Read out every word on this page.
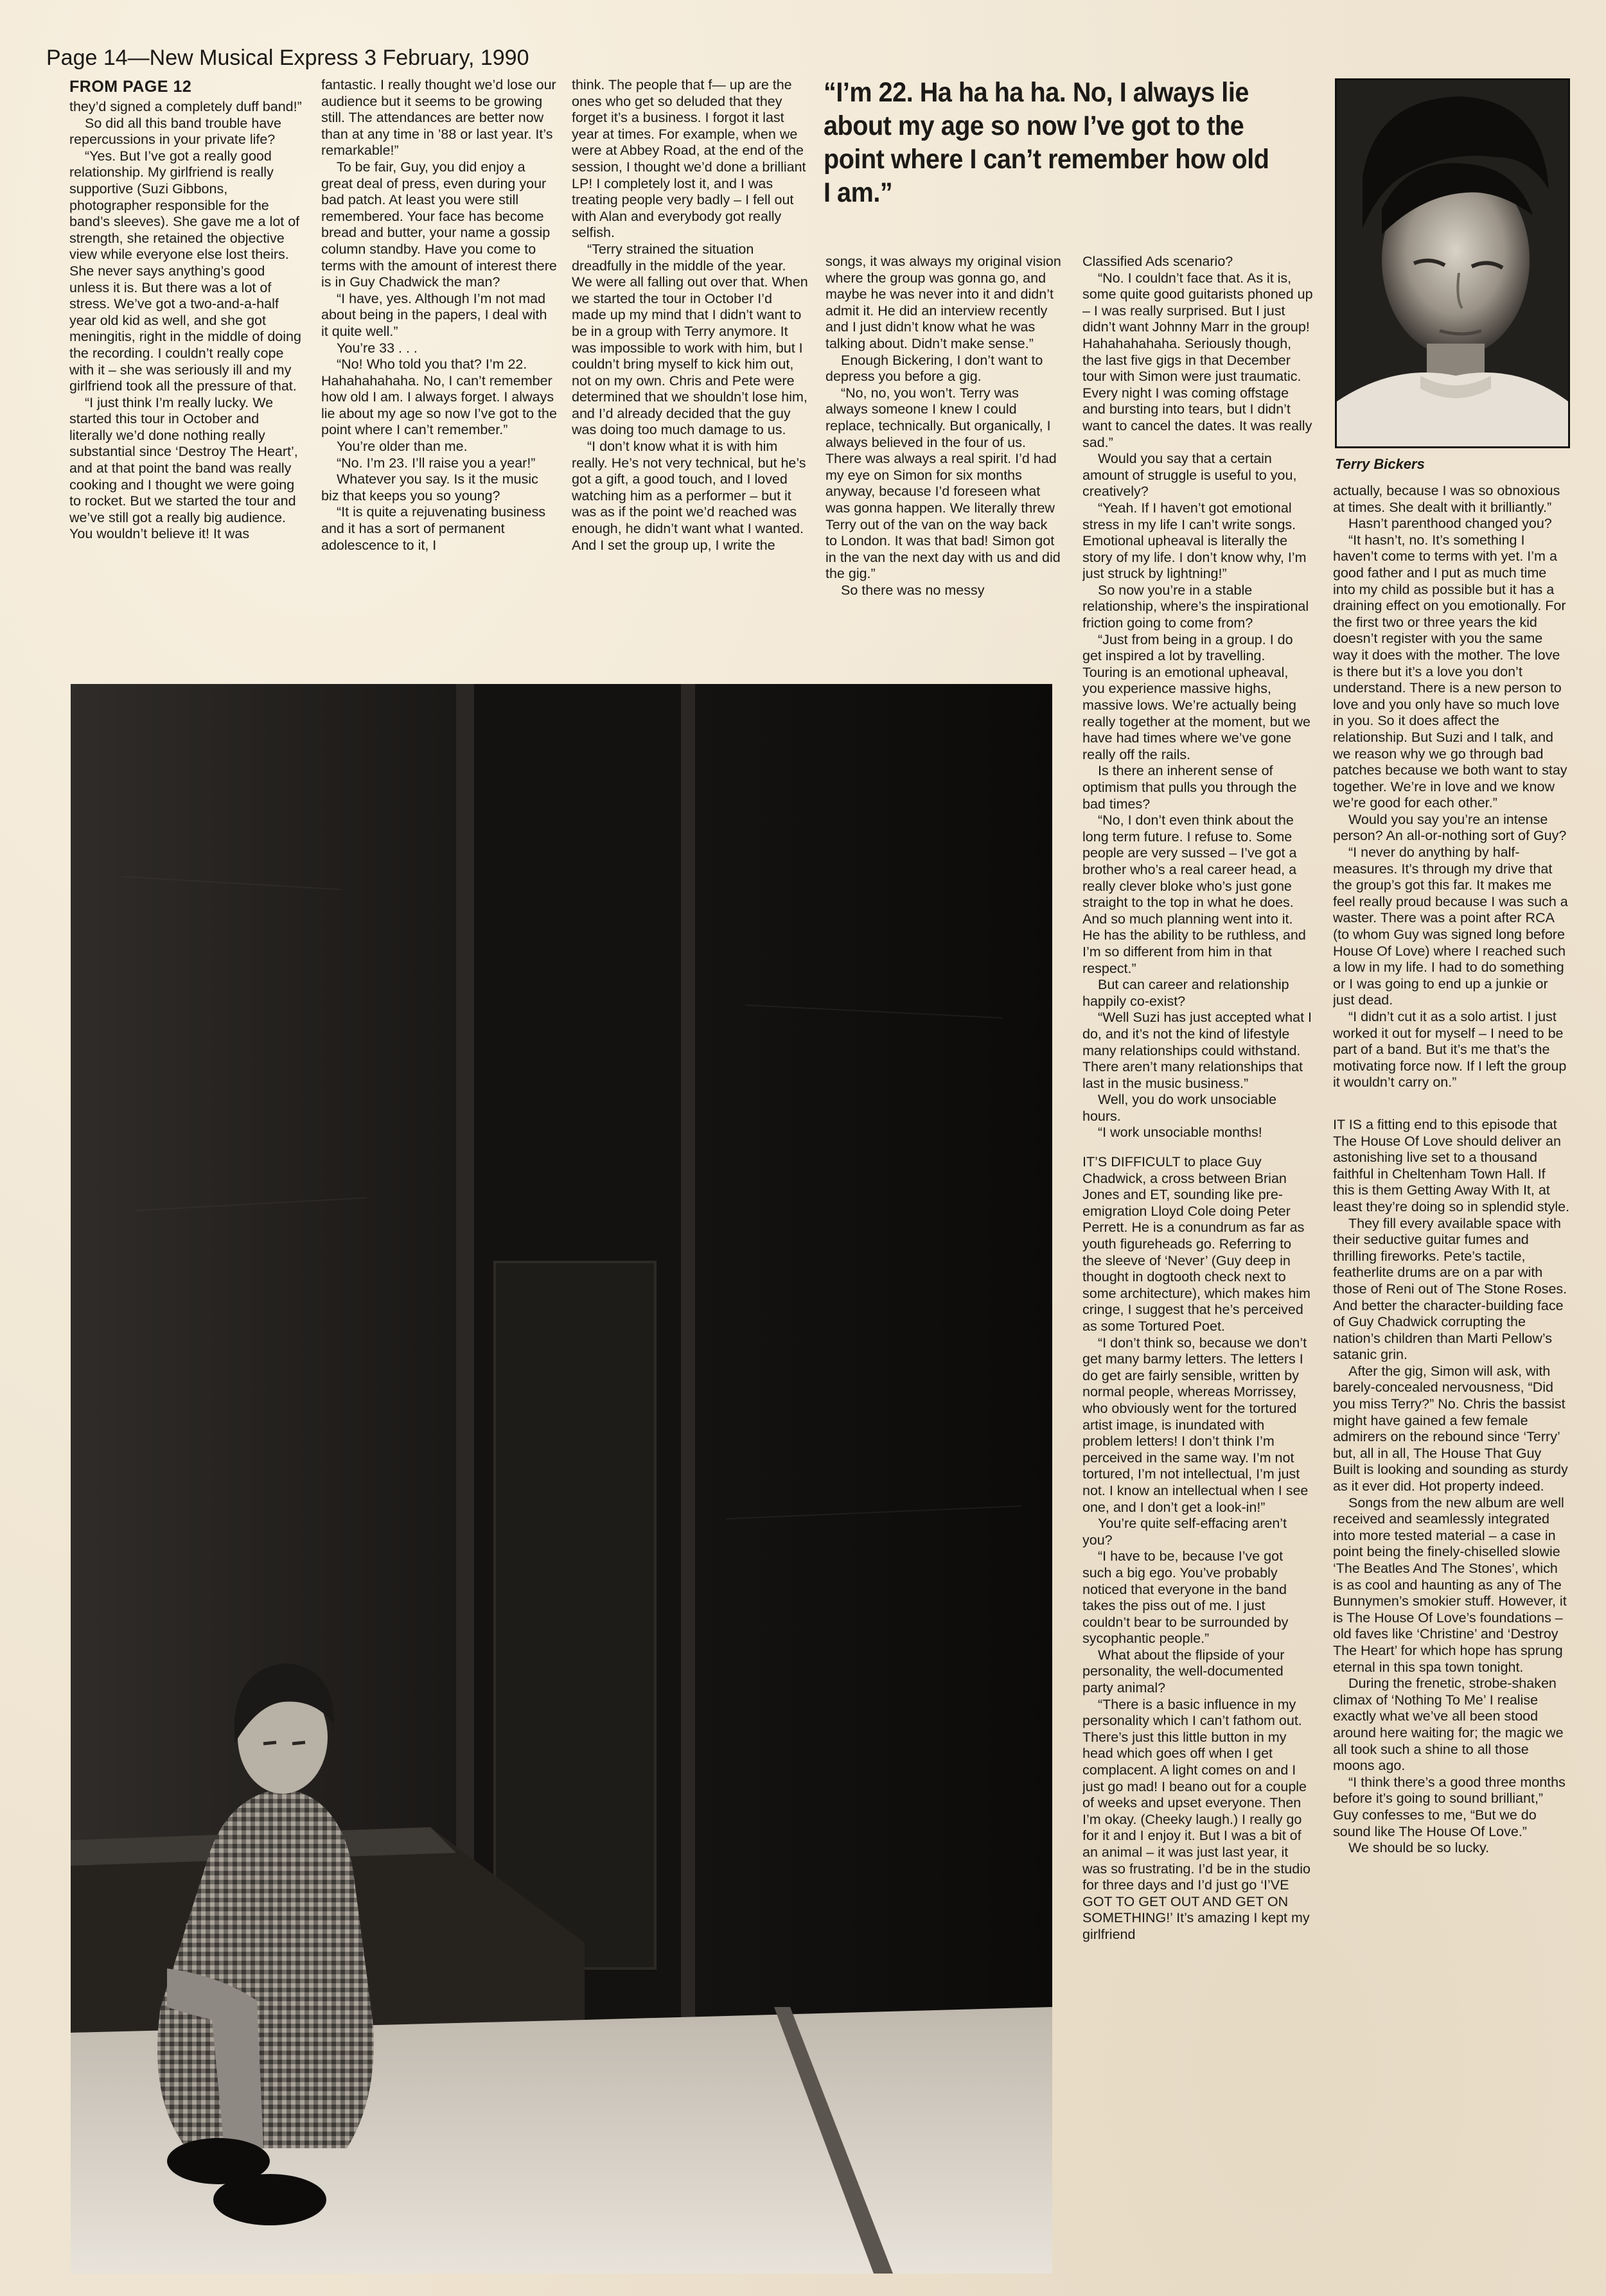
Page 14—New Musical Express 3 February, 1990
FROM PAGE 12

they’d signed a completely duff band!”

So did all this band trouble have repercussions in your private life?

“Yes. But I’ve got a really good relationship. My girlfriend is really supportive (Suzi Gibbons, photographer responsible for the band’s sleeves). She gave me a lot of strength, she retained the objective view while everyone else lost theirs. She never says anything’s good unless it is. But there was a lot of stress. We’ve got a two-and-a-half year old kid as well, and she got meningitis, right in the middle of doing the recording. I couldn’t really cope with it – she was seriously ill and my girlfriend took all the pressure of that.

“I just think I’m really lucky. We started this tour in October and literally we’d done nothing really substantial since ‘Destroy The Heart’, and at that point the band was really cooking and I thought we were going to rocket. But we started the tour and we’ve still got a really big audience. You wouldn’t believe it! It was

fantastic. I really thought we’d lose our audience but it seems to be growing still. The attendances are better now than at any time in ’88 or last year. It’s remarkable!”

To be fair, Guy, you did enjoy a great deal of press, even during your bad patch. At least you were still remembered. Your face has become bread and butter, your name a gossip column standby. Have you come to terms with the amount of interest there is in Guy Chadwick the man?

“I have, yes. Although I’m not mad about being in the papers, I deal with it quite well.”

You’re 33 . . .

“No! Who told you that? I’m 22. Hahahahahaha. No, I can’t remember how old I am. I always forget. I always lie about my age so now I’ve got to the point where I can’t remember.”

You’re older than me.

“No. I’m 23. I’ll raise you a year!”

Whatever you say. Is it the music biz that keeps you so young?

“It is quite a rejuvenating business and it has a sort of permanent adolescence to it, I

think. The people that f— up are the ones who get so deluded that they forget it’s a business. I forgot it last year at times. For example, when we were at Abbey Road, at the end of the session, I thought we’d done a brilliant LP! I completely lost it, and I was treating people very badly – I fell out with Alan and everybody got really selfish.

“Terry strained the situation dreadfully in the middle of the year. We were all falling out over that. When we started the tour in October I’d made up my mind that I didn’t want to be in a group with Terry anymore. It was impossible to work with him, but I couldn’t bring myself to kick him out, not on my own. Chris and Pete were determined that we shouldn’t lose him, and I’d already decided that the guy was doing too much damage to us.

“I don’t know what it is with him really. He’s not very technical, but he’s got a gift, a good touch, and I loved watching him as a performer – but it was as if the point we’d reached was enough, he didn’t want what I wanted. And I set the group up, I write the

“I’m 22. Ha ha ha ha. No, I always lie about my age so now I’ve got to the point where I can’t remember how old I am.”

songs, it was always my original vision where the group was gonna go, and maybe he was never into it and didn’t admit it. He did an interview recently and I just didn’t know what he was talking about. Didn’t make sense.”

Enough Bickering, I don’t want to depress you before a gig.

“No, no, you won’t. Terry was always someone I knew I could replace, technically. But organically, I always believed in the four of us. There was always a real spirit. I’d had my eye on Simon for six months anyway, because I’d foreseen what was gonna happen. We literally threw Terry out of the van on the way back to London. It was that bad! Simon got in the van the next day with us and did the gig.”

So there was no messy

Classified Ads scenario?

“No. I couldn’t face that. As it is, some quite good guitarists phoned up – I was really surprised. But I just didn’t want Johnny Marr in the group! Hahahahahaha. Seriously though, the last five gigs in that December tour with Simon were just traumatic. Every night I was coming offstage and bursting into tears, but I didn’t want to cancel the dates. It was really sad.”

Would you say that a certain amount of struggle is useful to you, creatively?

“Yeah. If I haven’t got emotional stress in my life I can’t write songs. Emotional upheaval is literally the story of my life. I don’t know why, I’m just struck by lightning!”

So now you’re in a stable relationship, where’s the inspirational friction going to come from?

“Just from being in a group. I do get inspired a lot by travelling. Touring is an emotional upheaval, you experience massive highs, massive lows. We’re actually being really together at the moment, but we have had times where we’ve gone really off the rails.

Is there an inherent sense of optimism that pulls you through the bad times?

“No, I don’t even think about the long term future. I refuse to. Some people are very sussed – I’ve got a brother who’s a real career head, a really clever bloke who’s just gone straight to the top in what he does. And so much planning went into it. He has the ability to be ruthless, and I’m so different from him in that respect.”

But can career and relationship happily co-exist?

“Well Suzi has just accepted what I do, and it’s not the kind of lifestyle many relationships could withstand. There aren’t many relationships that last in the music business.”

Well, you do work unsociable hours.

“I work unsociable months!

IT’S DIFFICULT to place Guy Chadwick, a cross between Brian Jones and ET, sounding like pre-emigration Lloyd Cole doing Peter Perrett. He is a conundrum as far as youth figureheads go. Referring to the sleeve of ‘Never’ (Guy deep in thought in dogtooth check next to some architecture), which makes him cringe, I suggest that he’s perceived as some Tortured Poet.

“I don’t think so, because we don’t get many barmy letters. The letters I do get are fairly sensible, written by normal people, whereas Morrissey, who obviously went for the tortured artist image, is inundated with problem letters! I don’t think I’m perceived in the same way. I’m not tortured, I’m not intellectual, I’m just not. I know an intellectual when I see one, and I don’t get a look-in!”

You’re quite self-effacing aren’t you?

“I have to be, because I’ve got such a big ego. You’ve probably noticed that everyone in the band takes the piss out of me. I just couldn’t bear to be surrounded by sycophantic people.”

What about the flipside of your personality, the well-documented party animal?

“There is a basic influence in my personality which I can’t fathom out. There’s just this little button in my head which goes off when I get complacent. A light comes on and I just go mad! I beano out for a couple of weeks and upset everyone. Then I’m okay. (Cheeky laugh.) I really go for it and I enjoy it. But I was a bit of an animal – it was just last year, it was so frustrating. I’d be in the studio for three days and I’d just go ‘I’VE GOT TO GET OUT AND GET ON SOMETHING!’ It’s amazing I kept my girlfriend

Terry Bickers

actually, because I was so obnoxious at times. She dealt with it brilliantly.”

Hasn’t parenthood changed you?

“It hasn’t, no. It’s something I haven’t come to terms with yet. I’m a good father and I put as much time into my child as possible but it has a draining effect on you emotionally. For the first two or three years the kid doesn’t register with you the same way it does with the mother. The love is there but it’s a love you don’t understand. There is a new person to love and you only have so much love in you. So it does affect the relationship. But Suzi and I talk, and we reason why we go through bad patches because we both want to stay together. We’re in love and we know we’re good for each other.”

Would you say you’re an intense person? An all-or-nothing sort of Guy?

“I never do anything by half-measures. It’s through my drive that the group’s got this far. It makes me feel really proud because I was such a waster. There was a point after RCA (to whom Guy was signed long before House Of Love) where I reached such a low in my life. I had to do something or I was going to end up a junkie or just dead.

“I didn’t cut it as a solo artist. I just worked it out for myself – I need to be part of a band. But it’s me that’s the motivating force now. If I left the group it wouldn’t carry on.”

IT IS a fitting end to this episode that The House Of Love should deliver an astonishing live set to a thousand faithful in Cheltenham Town Hall. If this is them Getting Away With It, at least they’re doing so in splendid style.

They fill every available space with their seductive guitar fumes and thrilling fireworks. Pete’s tactile, featherlite drums are on a par with those of Reni out of The Stone Roses. And better the character-building face of Guy Chadwick corrupting the nation’s children than Marti Pellow’s satanic grin.

After the gig, Simon will ask, with barely-concealed nervousness, “Did you miss Terry?” No. Chris the bassist might have gained a few female admirers on the rebound since ‘Terry’ but, all in all, The House That Guy Built is looking and sounding as sturdy as it ever did. Hot property indeed.

Songs from the new album are well received and seamlessly integrated into more tested material – a case in point being the finely-chiselled slowie ‘The Beatles And The Stones’, which is as cool and haunting as any of The Bunnymen’s smokier stuff. However, it is The House Of Love’s foundations – old faves like ‘Christine’ and ‘Destroy The Heart’ for which hope has sprung eternal in this spa town tonight.

During the frenetic, strobe-shaken climax of ‘Nothing To Me’ I realise exactly what we’ve all been stood around here waiting for; the magic we all took such a shine to all those moons ago.

“I think there’s a good three months before it’s going to sound brilliant,” Guy confesses to me, “But we do sound like The House Of Love.”

We should be so lucky.
